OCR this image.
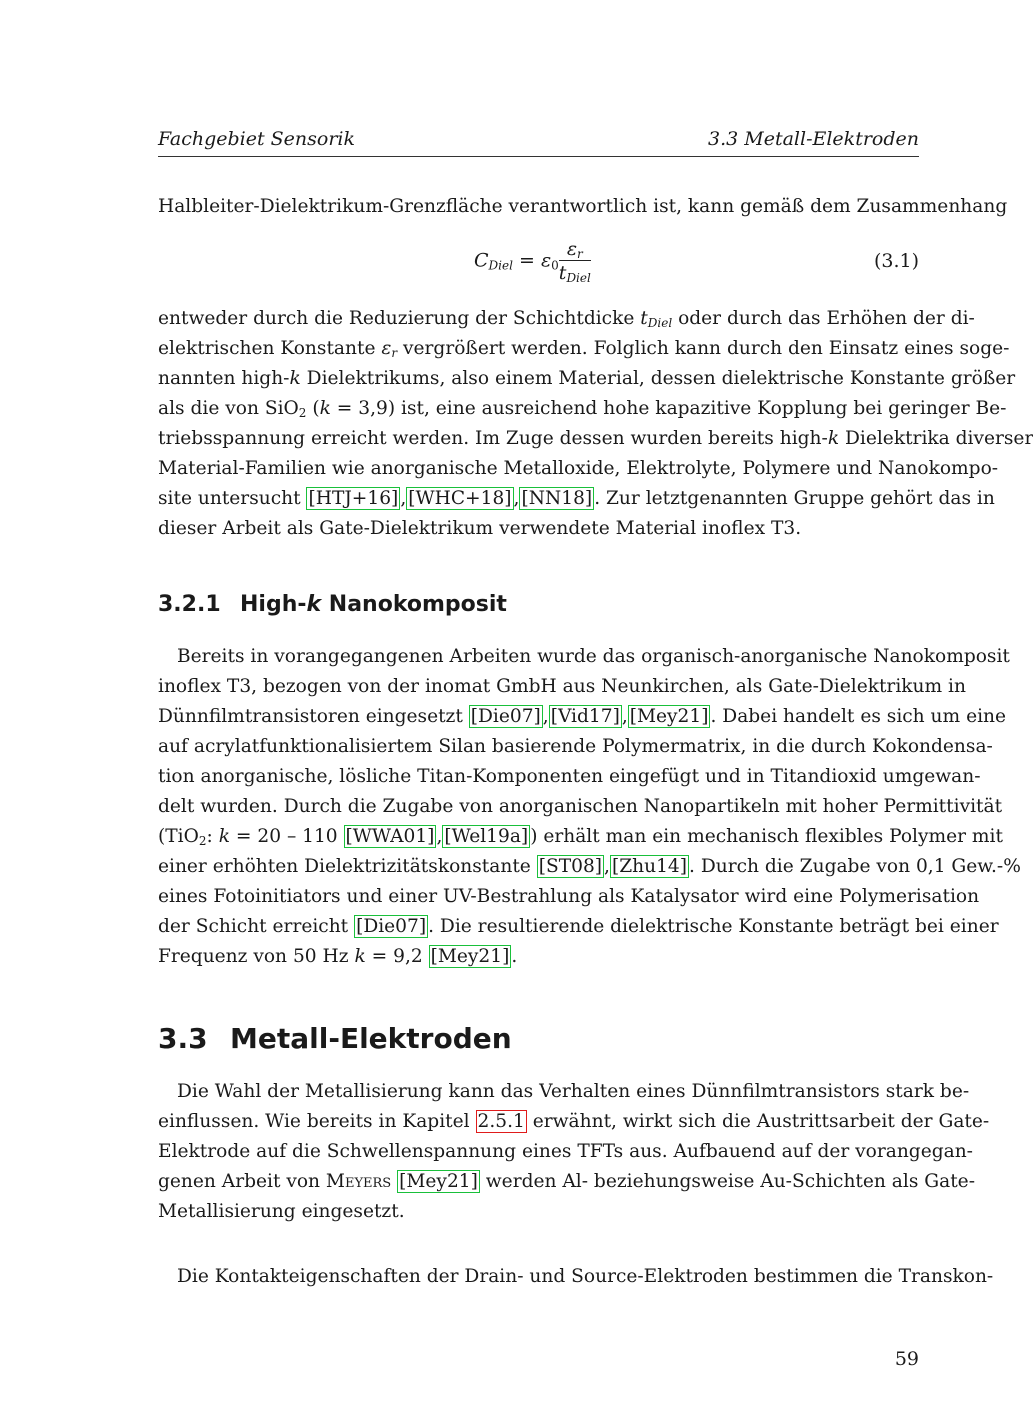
Fachgebiet Sensorik	3.3 Metall-Elektroden
Halbleiter-Dielektrikum-Grenzfläche verantwortlich ist, kann gemäß dem Zusammenhang
$C_{Diel} = \varepsilon_0 \frac{\varepsilon_r}{t_{Diel}}$	(3.1)
entweder durch die Reduzierung der Schichtdicke $t_{Diel}$ oder durch das Erhöhen der di-
elektrischen Konstante $\varepsilon_r$ vergrößert werden. Folglich kann durch den Einsatz eines soge-
nannten high-k Dielektrikums, also einem Material, dessen dielektrische Konstante größer
als die von SiO$_2$ (k = 3,9) ist, eine ausreichend hohe kapazitive Kopplung bei geringer Be-
triebsspannung erreicht werden. Im Zuge dessen wurden bereits high-k Dielektrika diverser
Material-Familien wie anorganische Metalloxide, Elektrolyte, Polymere und Nanokompo-
site untersucht [HTJ+16] , [WHC+18] , [NN18] . Zur letztgenannten Gruppe gehört das in
dieser Arbeit als Gate-Dielektrikum verwendete Material inoflex T3.
3.2.1 High-k Nanokomposit
Bereits in vorangegangenen Arbeiten wurde das organisch-anorganische Nanokomposit
inoflex T3, bezogen von der inomat GmbH aus Neunkirchen, als Gate-Dielektrikum in
Dünnfilmtransistoren eingesetzt [Die07] , [Vid17] , [Mey21] . Dabei handelt es sich um eine
auf acrylatfunktionalisiertem Silan basierende Polymermatrix, in die durch Kokondensa-
tion anorganische, lösliche Titan-Komponenten eingefügt und in Titandioxid umgewan-
delt wurden. Durch die Zugabe von anorganischen Nanopartikeln mit hoher Permittivität
(TiO$_2$: k = 20 – 110 [WWA01] , [Wel19a] ) erhält man ein mechanisch flexibles Polymer mit
einer erhöhten Dielektrizitätskonstante [ST08] , [Zhu14] . Durch die Zugabe von 0,1 Gew.-%
eines Fotoinitiators und einer UV-Bestrahlung als Katalysator wird eine Polymerisation
der Schicht erreicht [Die07] . Die resultierende dielektrische Konstante beträgt bei einer
Frequenz von 50 Hz k = 9,2 [Mey21] .
3.3 Metall-Elektroden
Die Wahl der Metallisierung kann das Verhalten eines Dünnfilmtransistors stark be-
einflussen. Wie bereits in Kapitel 2.5.1 erwähnt, wirkt sich die Austrittsarbeit der Gate-
Elektrode auf die Schwellenspannung eines TFTs aus. Aufbauend auf der vorangegan-
genen Arbeit von Meyers [Mey21] werden Al- beziehungsweise Au-Schichten als Gate-
Metallisierung eingesetzt.
Die Kontakteigenschaften der Drain- und Source-Elektroden bestimmen die Transkon-
59
